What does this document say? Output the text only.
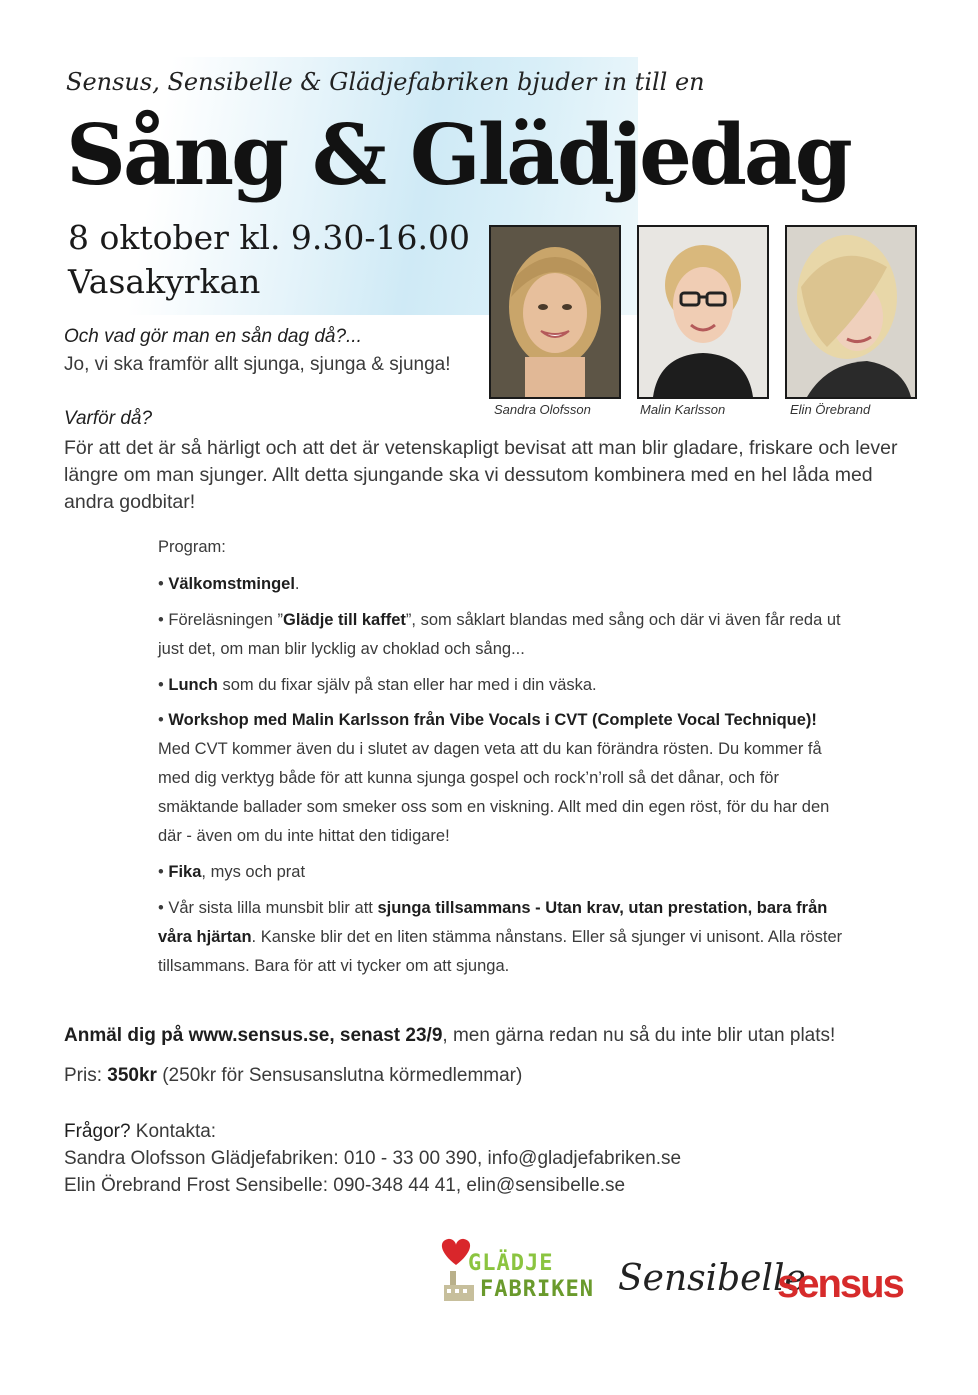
Sensus, Sensibelle & Glädjefabriken bjuder in till en
Sång & Glädjedag
8 oktober kl. 9.30-16.00
Vasakyrkan
Sandra Olofsson	Malin Karlsson	Elin Örebrand
Och vad gör man en sån dag då?...
Jo, vi ska framför allt sjunga, sjunga & sjunga!
Varför då?
För att det är så härligt och att det är vetenskapligt bevisat att man blir gladare, friskare och lever längre om man sjunger. Allt detta sjungande ska vi dessutom kombinera med en hel låda med andra godbitar!
Program:
• Välkomstmingel.
• Föreläsningen ”Glädje till kaffet”, som såklart blandas med sång och där vi även får reda ut just det, om man blir lycklig av choklad och sång...
• Lunch som du fixar själv på stan eller har med i din väska.
• Workshop med Malin Karlsson från Vibe Vocals i CVT (Complete Vocal Technique)!
Med CVT kommer även du i slutet av dagen veta att du kan förändra rösten. Du kommer få med dig verktyg både för att kunna sjunga gospel och rock’n’roll så det dånar, och för smäktande ballader som smeker oss som en viskning. Allt med din egen röst, för du har den där - även om du inte hittat den tidigare!
• Fika, mys och prat
• Vår sista lilla munsbit blir att sjunga tillsammans - Utan krav, utan prestation, bara från våra hjärtan. Kanske blir det en liten stämma nånstans. Eller så sjunger vi unisont. Alla röster tillsammans. Bara för att vi tycker om att sjunga.
Anmäl dig på www.sensus.se, senast 23/9, men gärna redan nu så du inte blir utan plats!
Pris: 350kr (250kr för Sensusanslutna körmedlemmar)
Frågor? Kontakta:
Sandra Olofsson Glädjefabriken: 010 - 33 00 390, info@gladjefabriken.se
Elin Örebrand Frost Sensibelle: 090-348 44 41, elin@sensibelle.se
GLÄDJE
FABRIKEN Sensibelle
sensus
